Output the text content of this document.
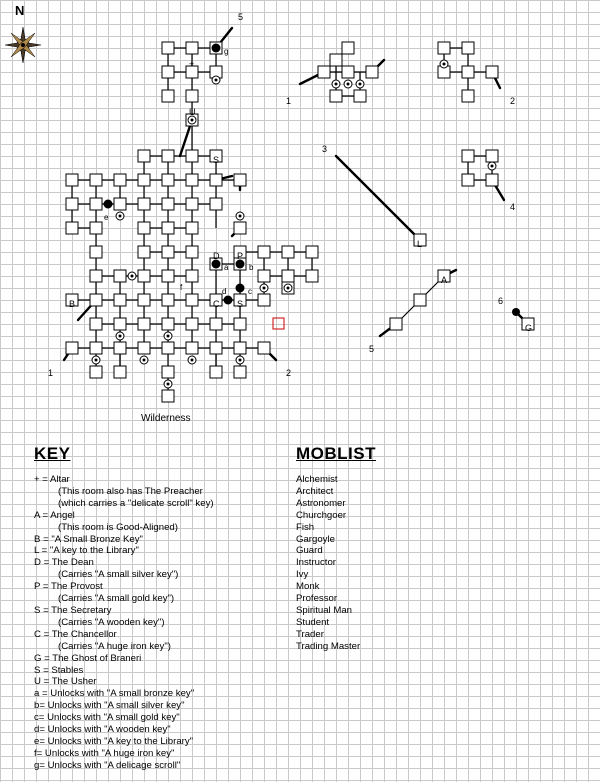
5
1	2
1	2
3
4
5
6
+
U
S
D P
C S
B
L
A
G
a	b
c
d
e
f
g
N
Wilderness
KEY
+ = Altar
(This room also has The Preacher
(which carries a "delicate scroll" key)
A = Angel
(This room is Good-Aligned)
B = "A Small Bronze Key"
L = "A key to the Library"
D = The Dean
(Carries "A small silver key")
P = The Provost
(Carries "A small gold key")
S = The Secretary
(Carries "A wooden key")
C = The Chancellor
(Carries "A huge iron key")
G = The Ghost of Braneri
S = Stables
U = The Usher
a = Unlocks with "A small bronze key"
b= Unlocks with "A small silver key"
c= Unlocks with "A small gold key"
d= Unlocks with "A wooden key"
e= Unlocks with "A key to the Library"
f= Unlocks with "A huge iron key"
g= Unlocks with "A delicage scroll"
MOBLIST
Alchemist
Architect
Astronomer
Churchgoer
Fish
Gargoyle
Guard
Instructor
Ivy
Monk
Professor
Spiritual Man
Student
Trader
Trading Master
